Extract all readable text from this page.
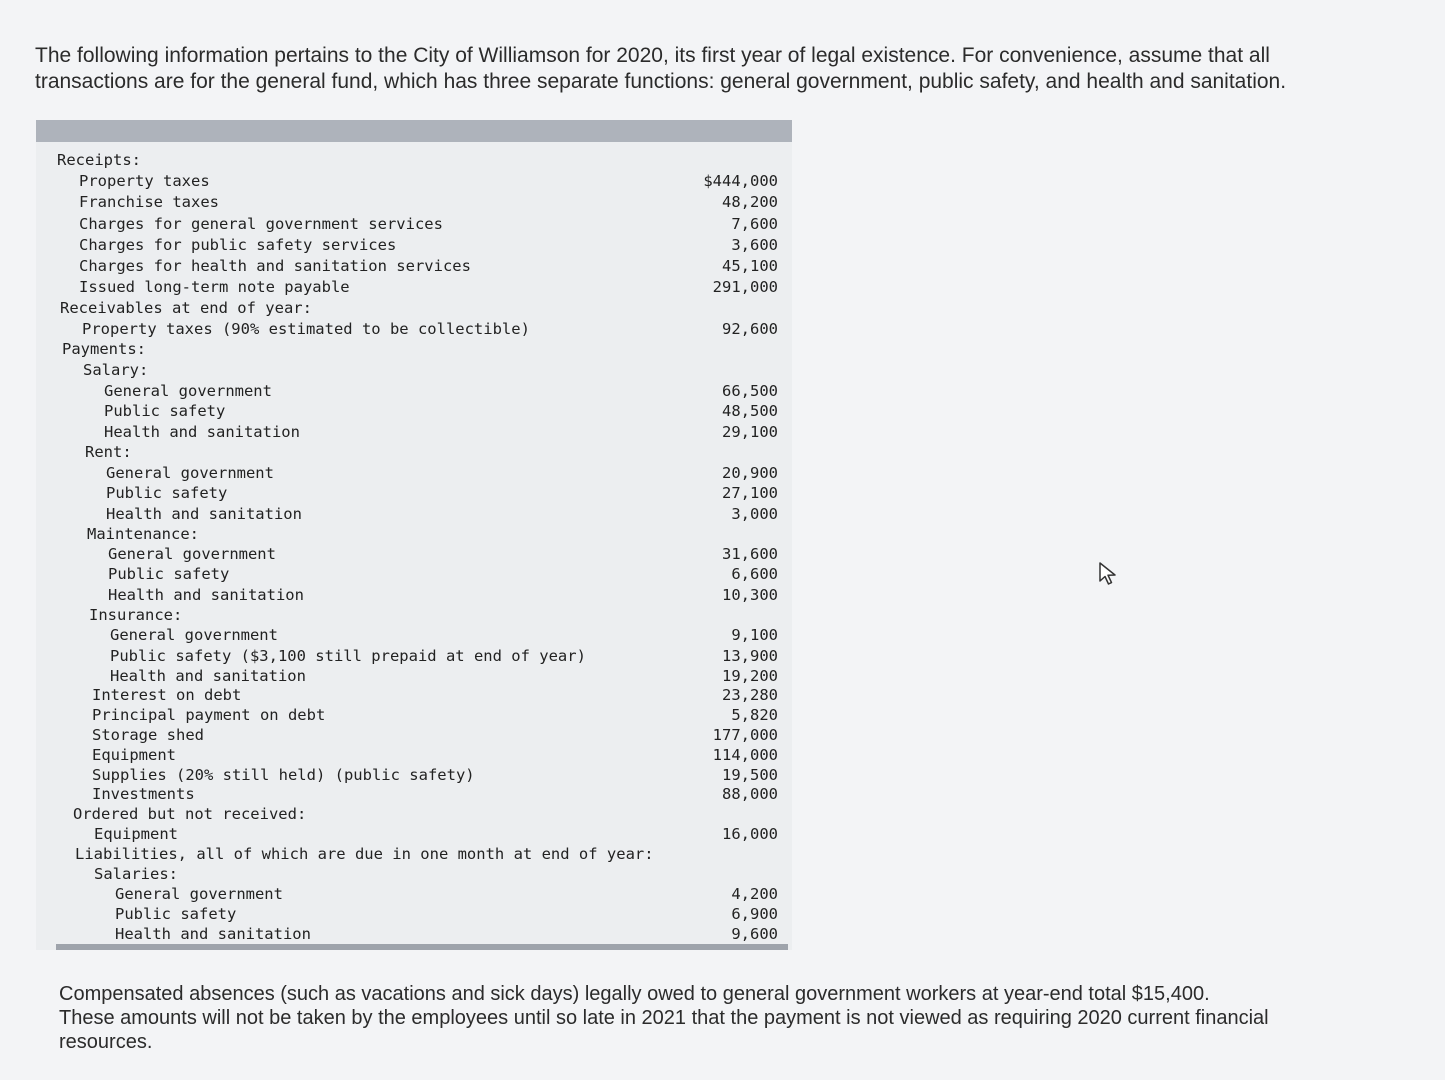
The following information pertains to the City of Williamson for 2020, its first year of legal existence. For convenience, assume that all transactions are for the general fund, which has three separate functions: general government, public safety, and health and sanitation.
Receipts:
Property taxes	$444,000
Franchise taxes	48,200
Charges for general government services	7,600
Charges for public safety services	3,600
Charges for health and sanitation services	45,100
Issued long-term note payable	291,000
Receivables at end of year:
Property taxes (90% estimated to be collectible)	92,600
Payments:
Salary:
General government	66,500
Public safety	48,500
Health and sanitation	29,100
Rent:
General government	20,900
Public safety	27,100
Health and sanitation	3,000
Maintenance:
General government	31,600
Public safety	6,600
Health and sanitation	10,300
Insurance:
General government	9,100
Public safety ($3,100 still prepaid at end of year)	13,900
Health and sanitation	19,200
Interest on debt	23,280
Principal payment on debt	5,820
Storage shed	177,000
Equipment	114,000
Supplies (20% still held) (public safety)	19,500
Investments	88,000
Ordered but not received:
Equipment	16,000
Liabilities, all of which are due in one month at end of year:
Salaries:
General government	4,200
Public safety	6,900
Health and sanitation	9,600
Compensated absences (such as vacations and sick days) legally owed to general government workers at year-end total $15,400. These amounts will not be taken by the employees until so late in 2021 that the payment is not viewed as requiring 2020 current financial resources.
